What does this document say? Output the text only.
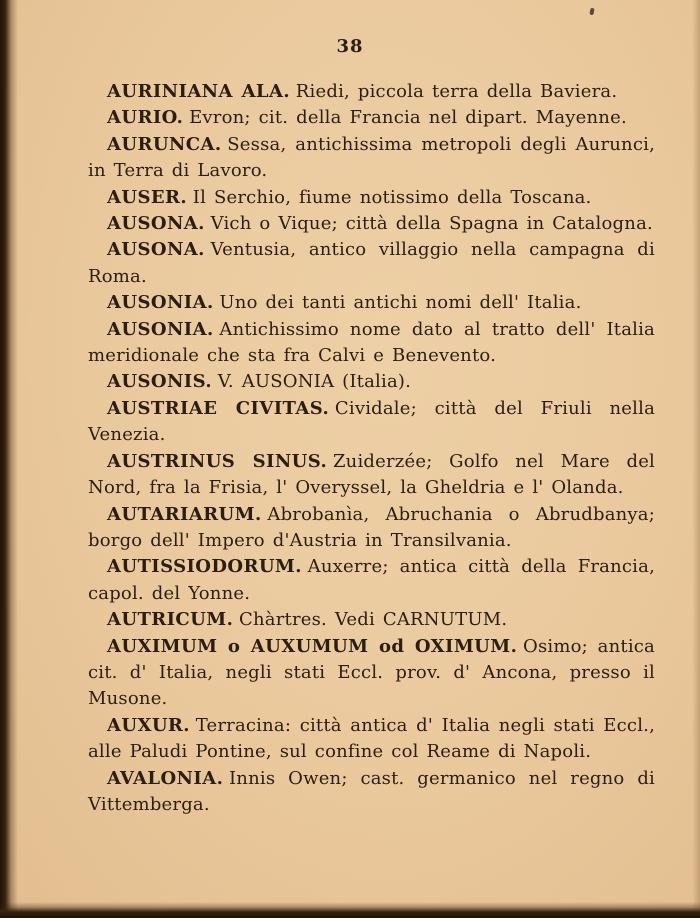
38

AURINIANA ALA. Riedi, piccola terra della Baviera.

AURIO. Evron; cit. della Francia nel dipart. Mayenne.

AURUNCA. Sessa, antichissima metropoli degli Aurunci, in Terra di Lavoro.

AUSER. Il Serchio, fiume notissimo della Toscana.

AUSONA. Vich o Vique; città della Spagna in Catalogna.

AUSONA. Ventusia, antico villaggio nella campagna di Roma.

AUSONIA. Uno dei tanti antichi nomi dell' Italia.

AUSONIA. Antichissimo nome dato al tratto dell' Italia meridionale che sta fra Calvi e Benevento.

AUSONIS. V. AUSONIA (Italia).

AUSTRIAE CIVITAS. Cividale; città del Friuli nella Venezia.

AUSTRINUS SINUS. Zuiderzée; Golfo nel Mare del Nord, fra la Frisia, l' Overyssel, la Gheldria e l' Olanda.

AUTARIARUM. Abrobanìa, Abruchania o Abrudbanya; borgo dell' Impero d'Austria in Transilvania.

AUTISSIODORUM. Auxerre; antica città della Francia, capol. del Yonne.

AUTRICUM. Chàrtres. Vedi CARNUTUM.

AUXIMUM o AUXUMUM od OXIMUM. Osimo; antica cit. d' Italia, negli stati Eccl. prov. d' Ancona, presso il Musone.

AUXUR. Terracina: città antica d' Italia negli stati Eccl., alle Paludi Pontine, sul confine col Reame di Napoli.

AVALONIA. Innis Owen; cast. germanico nel regno di Vittemberga.
